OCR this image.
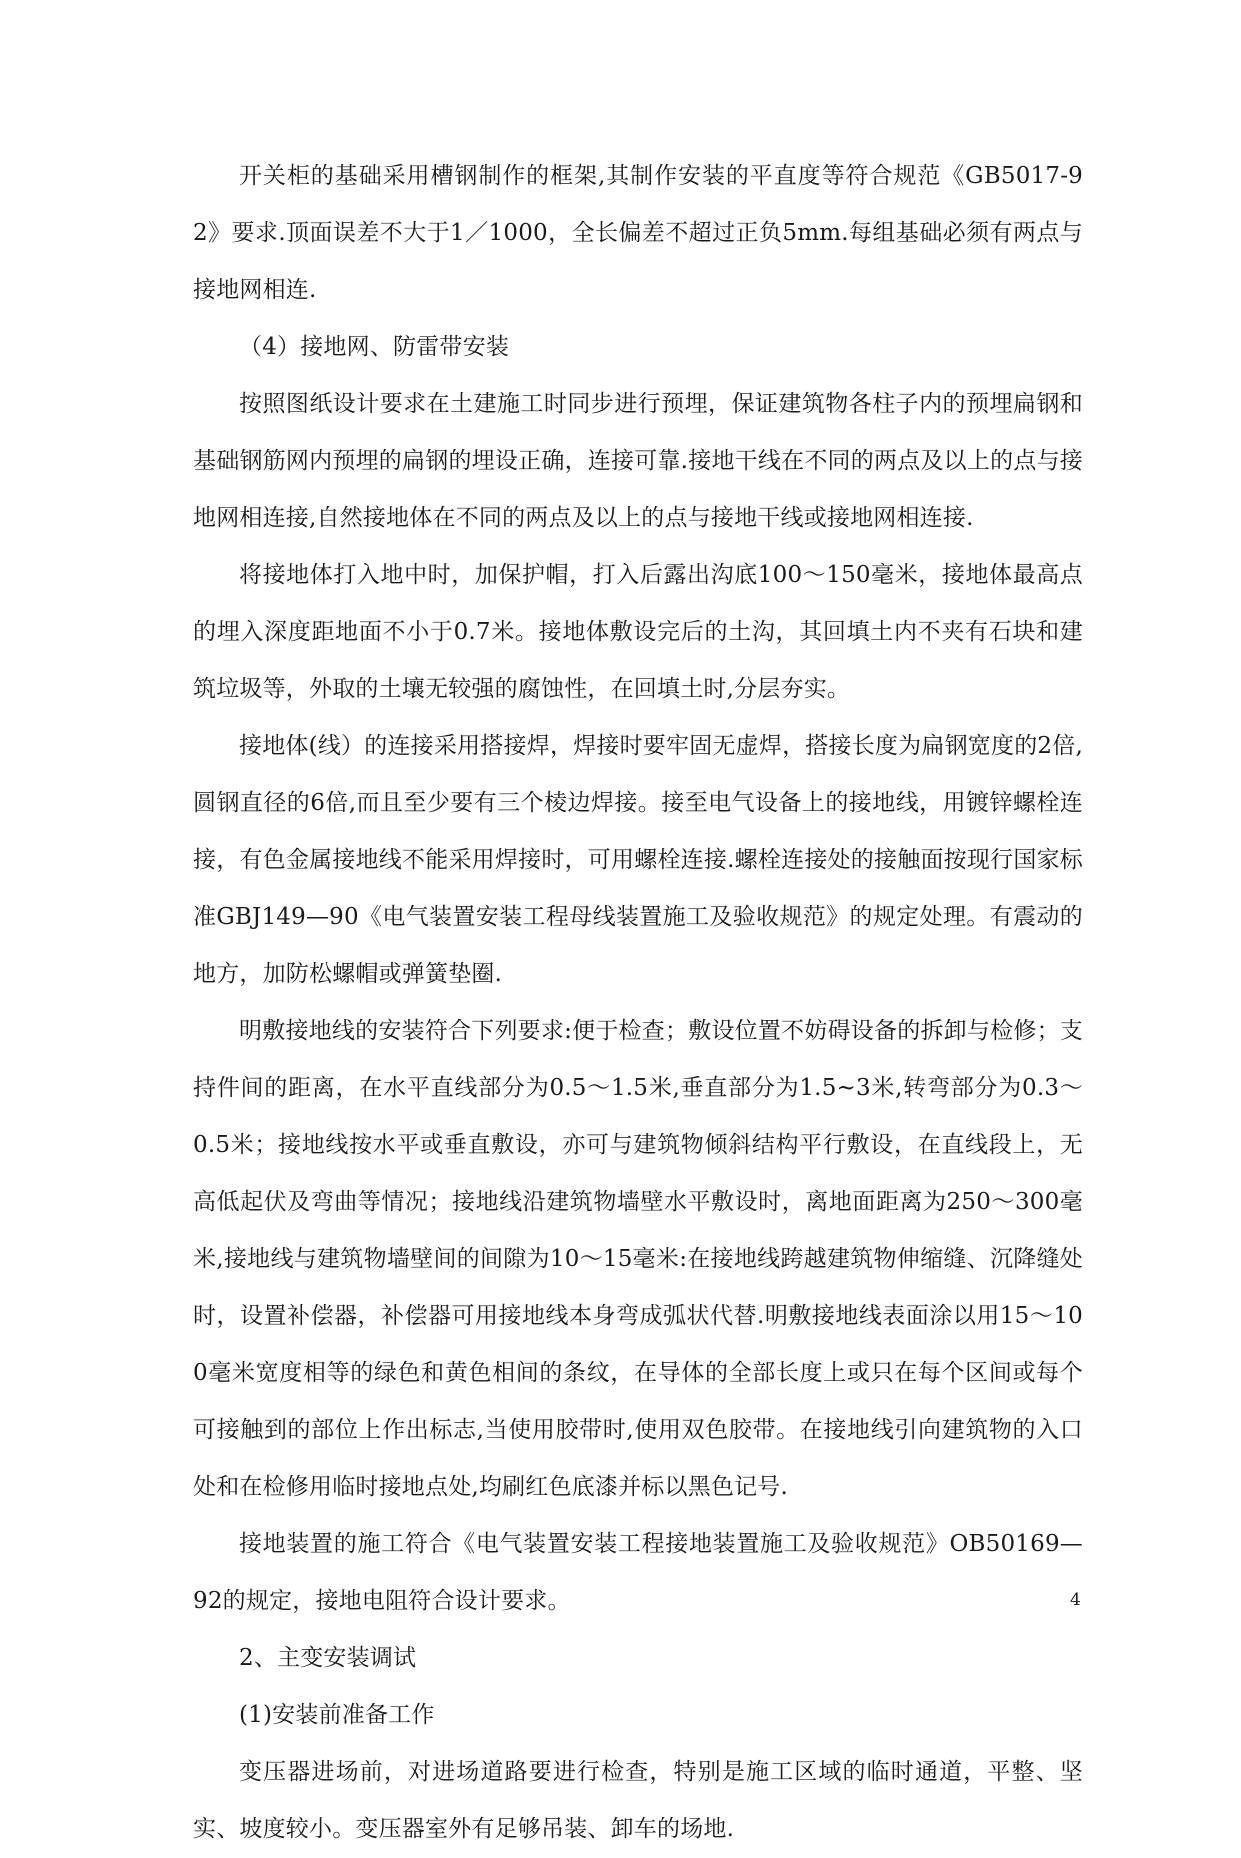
开关柜的基础采用槽钢制作的框架,其制作安装的平直度等符合规范《GB5017-92》要求.顶面误差不大于1／1000，全长偏差不超过正负5mm.每组基础必须有两点与接地网相连.

（4）接地网、防雷带安装

按照图纸设计要求在土建施工时同步进行预埋，保证建筑物各柱子内的预埋扁钢和基础钢筋网内预埋的扁钢的埋设正确，连接可靠.接地干线在不同的两点及以上的点与接地网相连接,自然接地体在不同的两点及以上的点与接地干线或接地网相连接.

将接地体打入地中时，加保护帽，打入后露出沟底100～150毫米，接地体最高点的埋入深度距地面不小于0.7米。接地体敷设完后的土沟，其回填土内不夹有石块和建筑垃圾等，外取的土壤无较强的腐蚀性，在回填土时,分层夯实。

接地体(线）的连接采用搭接焊，焊接时要牢固无虚焊，搭接长度为扁钢宽度的2倍,圆钢直径的6倍,而且至少要有三个棱边焊接。接至电气设备上的接地线，用镀锌螺栓连接，有色金属接地线不能采用焊接时，可用螺栓连接.螺栓连接处的接触面按现行国家标准GBJ149—90《电气装置安装工程母线装置施工及验收规范》的规定处理。有震动的地方，加防松螺帽或弹簧垫圈.

明敷接地线的安装符合下列要求:便于检查；敷设位置不妨碍设备的拆卸与检修；支持件间的距离，在水平直线部分为0.5～1.5米,垂直部分为1.5~3米,转弯部分为0.3～0.5米；接地线按水平或垂直敷设，亦可与建筑物倾斜结构平行敷设，在直线段上，无高低起伏及弯曲等情况；接地线沿建筑物墙壁水平敷设时，离地面距离为250～300毫米,接地线与建筑物墙壁间的间隙为10～15毫米:在接地线跨越建筑物伸缩缝、沉降缝处时，设置补偿器，补偿器可用接地线本身弯成弧状代替.明敷接地线表面涂以用15～100毫米宽度相等的绿色和黄色相间的条纹，在导体的全部长度上或只在每个区间或每个可接触到的部位上作出标志,当使用胶带时,使用双色胶带。在接地线引向建筑物的入口处和在检修用临时接地点处,均刷红色底漆并标以黑色记号.

接地装置的施工符合《电气装置安装工程接地装置施工及验收规范》OB50169—92的规定，接地电阻符合设计要求。

2、主变安装调试

(1)安装前准备工作

变压器进场前，对进场道路要进行检查，特别是施工区域的临时通道，平整、坚实、坡度较小。变压器室外有足够吊装、卸车的场地.

4
